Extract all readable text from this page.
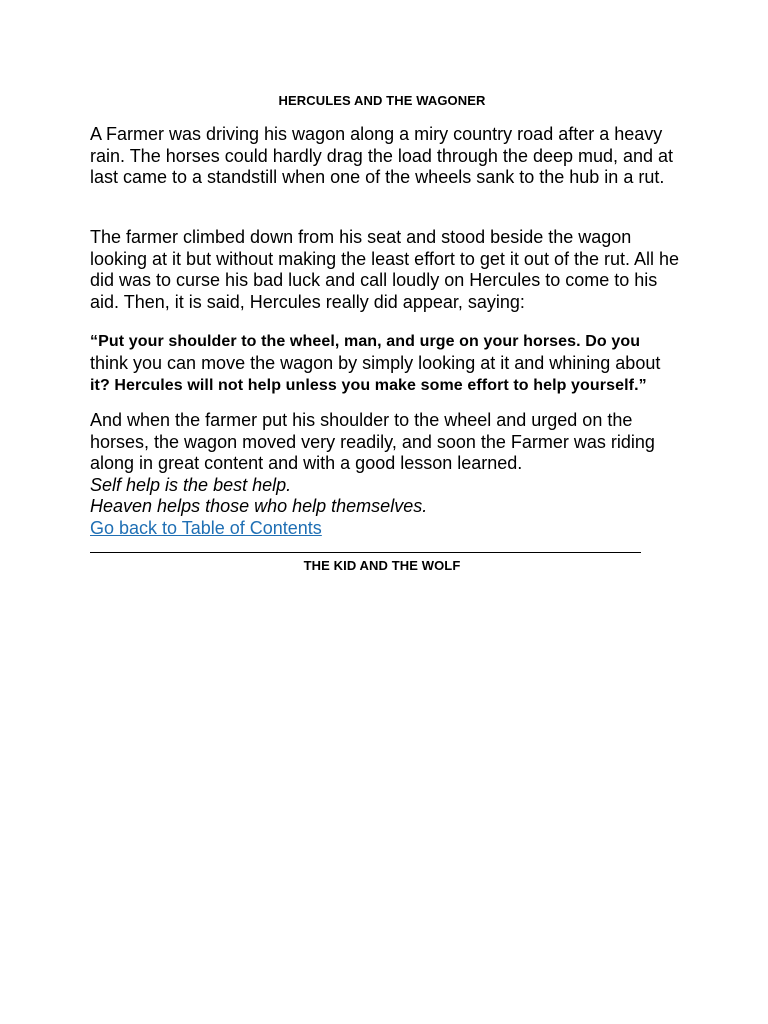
HERCULES AND THE WAGONER

A Farmer was driving his wagon along a miry country road after a heavy rain. The horses could hardly drag the load through the deep mud, and at last came to a standstill when one of the wheels sank to the hub in a rut.

The farmer climbed down from his seat and stood beside the wagon looking at it but without making the least effort to get it out of the rut. All he did was to curse his bad luck and call loudly on Hercules to come to his aid. Then, it is said, Hercules really did appear, saying:

“Put your shoulder to the wheel, man, and urge on your horses. Do you
think you can move the wagon by simply looking at it and whining about
it? Hercules will not help unless you make some effort to help yourself.”

And when the farmer put his shoulder to the wheel and urged on the horses, the wagon moved very readily, and soon the Farmer was riding along in great content and with a good lesson learned.
Self help is the best help.
Heaven helps those who help themselves.
Go back to Table of Contents
THE KID AND THE WOLF
